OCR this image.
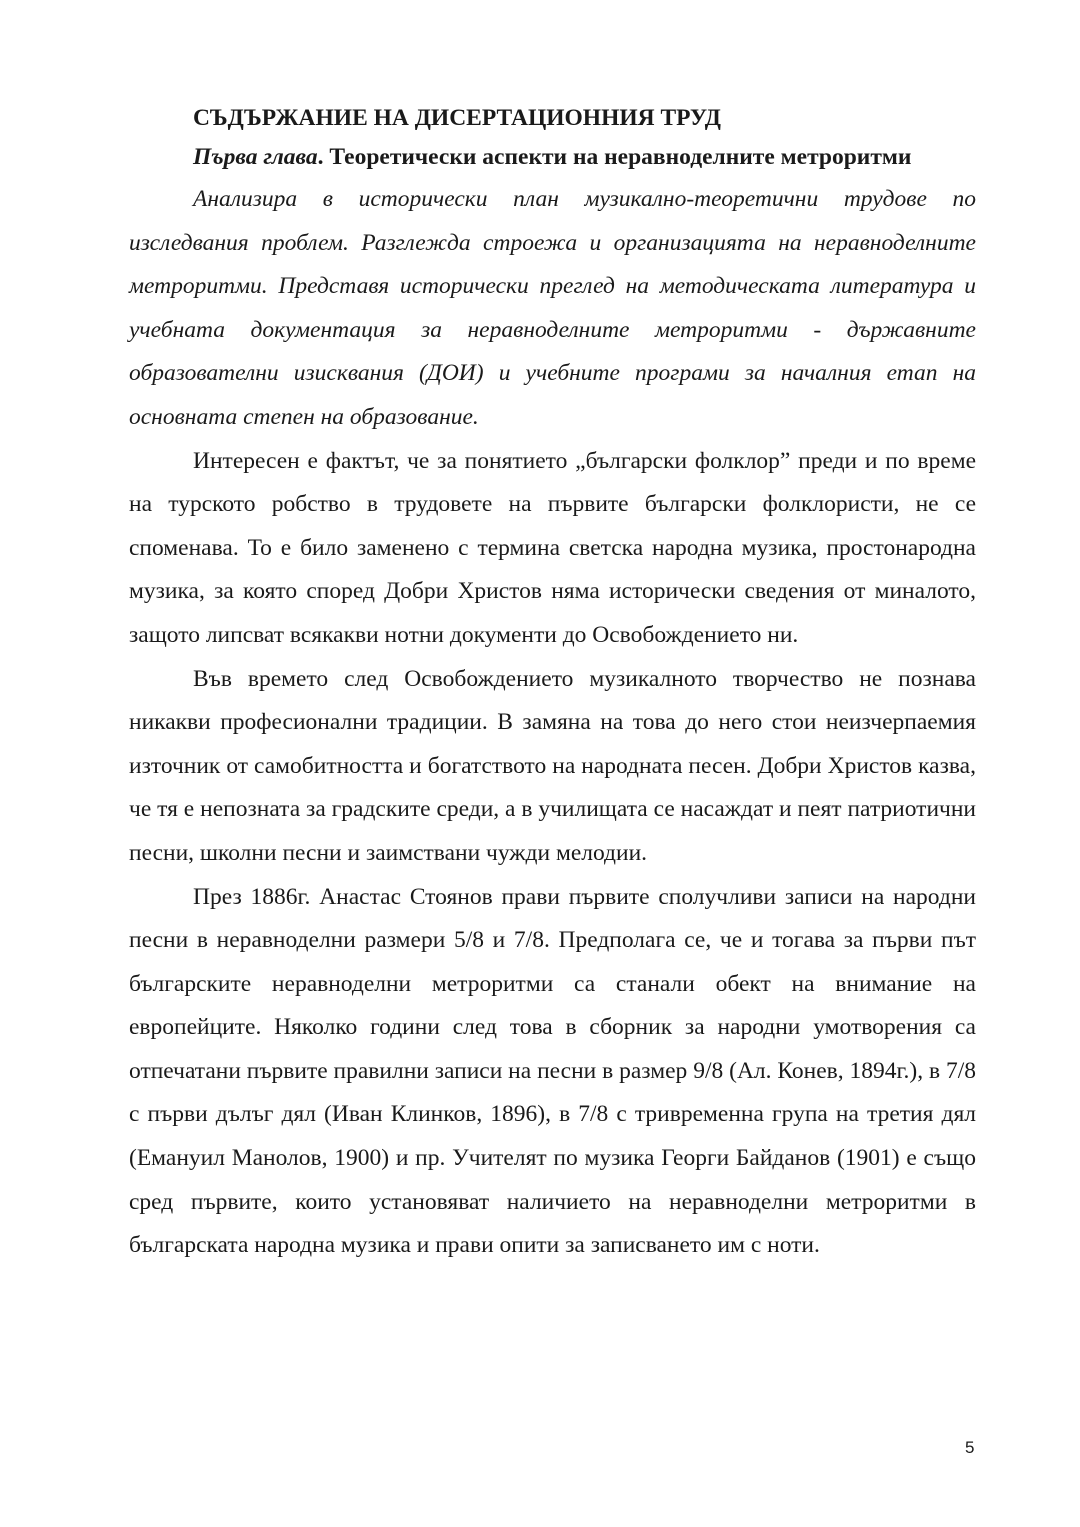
СЪДЪРЖАНИЕ НА ДИСЕРТАЦИОННИЯ ТРУД

Първа глава. Теоретически аспекти на неравноделните метроритми

Анализира в исторически план музикално-теоретични трудове по изследвания проблем. Разглежда строежа и организацията на неравноделните метроритми. Представя исторически преглед на методическата литература и учебната документация за неравноделните метроритми - държавните образователни изисквания (ДОИ) и учебните програми за началния етап на основната степен на образование.

Интересен е фактът, че за понятието „български фолклор” преди и по време на турското робство в трудовете на първите български фолклористи, не се споменава. То е било заменено с термина светска народна музика, простонародна музика, за която според Добри Христов няма исторически сведения от миналото, защото липсват всякакви нотни документи до Освобождението ни.

Във времето след Освобождението музикалното творчество не познава никакви професионални традиции. В замяна на това до него стои неизчерпаемия източник от самобитността и богатството на народната песен. Добри Христов казва, че тя е непозната за градските среди, а в училищата се насаждат и пеят патриотични песни, школни песни и заимствани чужди мелодии.

През 1886г. Анастас Стоянов прави първите сполучливи записи на народни песни в неравноделни размери 5/8 и 7/8. Предполага се, че и тогава за първи път българските неравноделни метроритми са станали обект на внимание на европейците. Няколко години след това в сборник за народни умотворения са отпечатани първите правилни записи на песни в размер 9/8 (Ал. Конев, 1894г.), в 7/8 с първи дълъг дял (Иван Клинков, 1896), в 7/8 с тривременна група на третия дял (Емануил Манолов, 1900) и пр. Учителят по музика Георги Байданов (1901) е също сред първите, които установяват наличието на неравноделни метроритми в българската народна музика и прави опити за записването им с ноти.

5
